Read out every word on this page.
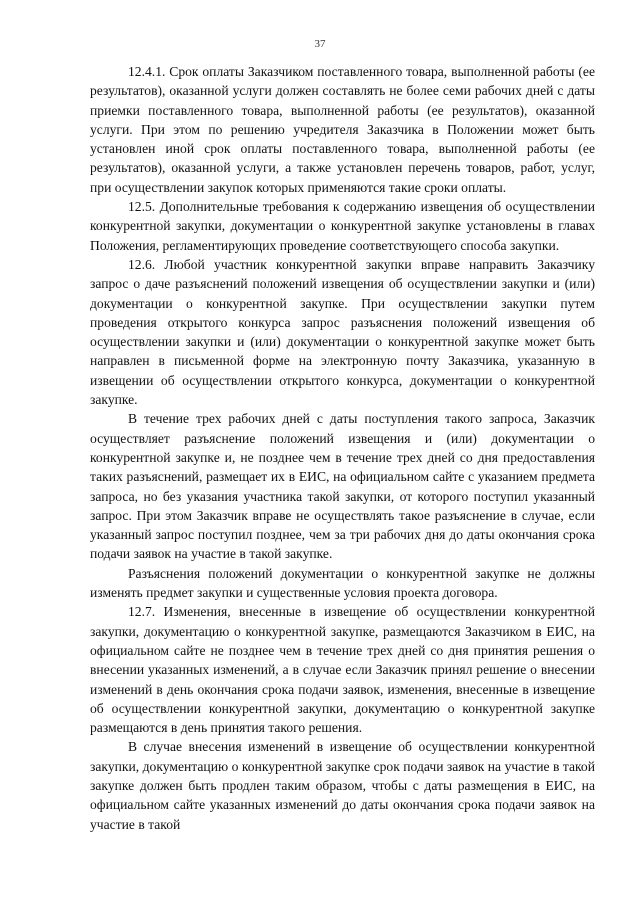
37

12.4.1. Срок оплаты Заказчиком поставленного товара, выполненной работы (ее результатов), оказанной услуги должен составлять не более семи рабочих дней с даты приемки поставленного товара, выполненной работы (ее результатов), оказанной услуги. При этом по решению учредителя Заказчика в Положении может быть установлен иной срок оплаты поставленного товара, выполненной работы (ее результатов), оказанной услуги, а также установлен перечень товаров, работ, услуг, при осуществлении закупок которых применяются такие сроки оплаты.

12.5. Дополнительные требования к содержанию извещения об осуществлении конкурентной закупки, документации о конкурентной закупке установлены в главах Положения, регламентирующих проведение соответствующего способа закупки.

12.6. Любой участник конкурентной закупки вправе направить Заказчику запрос о даче разъяснений положений извещения об осуществлении закупки и (или) документации о конкурентной закупке. При осуществлении закупки путем проведения открытого конкурса запрос разъяснения положений извещения об осуществлении закупки и (или) документации о конкурентной закупке может быть направлен в письменной форме на электронную почту Заказчика, указанную в извещении об осуществлении открытого конкурса, документации о конкурентной закупке.

В течение трех рабочих дней с даты поступления такого запроса, Заказчик осуществляет разъяснение положений извещения и (или) документации о конкурентной закупке и, не позднее чем в течение трех дней со дня предоставления таких разъяснений, размещает их в ЕИС, на официальном сайте с указанием предмета запроса, но без указания участника такой закупки, от которого поступил указанный запрос. При этом Заказчик вправе не осуществлять такое разъяснение в случае, если указанный запрос поступил позднее, чем за три рабочих дня до даты окончания срока подачи заявок на участие в такой закупке.

Разъяснения положений документации о конкурентной закупке не должны изменять предмет закупки и существенные условия проекта договора.

12.7. Изменения, внесенные в извещение об осуществлении конкурентной закупки, документацию о конкурентной закупке, размещаются Заказчиком в ЕИС, на официальном сайте не позднее чем в течение трех дней со дня принятия решения о внесении указанных изменений, а в случае если Заказчик принял решение о внесении изменений в день окончания срока подачи заявок, изменения, внесенные в извещение об осуществлении конкурентной закупки, документацию о конкурентной закупке размещаются в день принятия такого решения.

В случае внесения изменений в извещение об осуществлении конкурентной закупки, документацию о конкурентной закупке срок подачи заявок на участие в такой закупке должен быть продлен таким образом, чтобы с даты размещения в ЕИС, на официальном сайте указанных изменений до даты окончания срока подачи заявок на участие в такой
